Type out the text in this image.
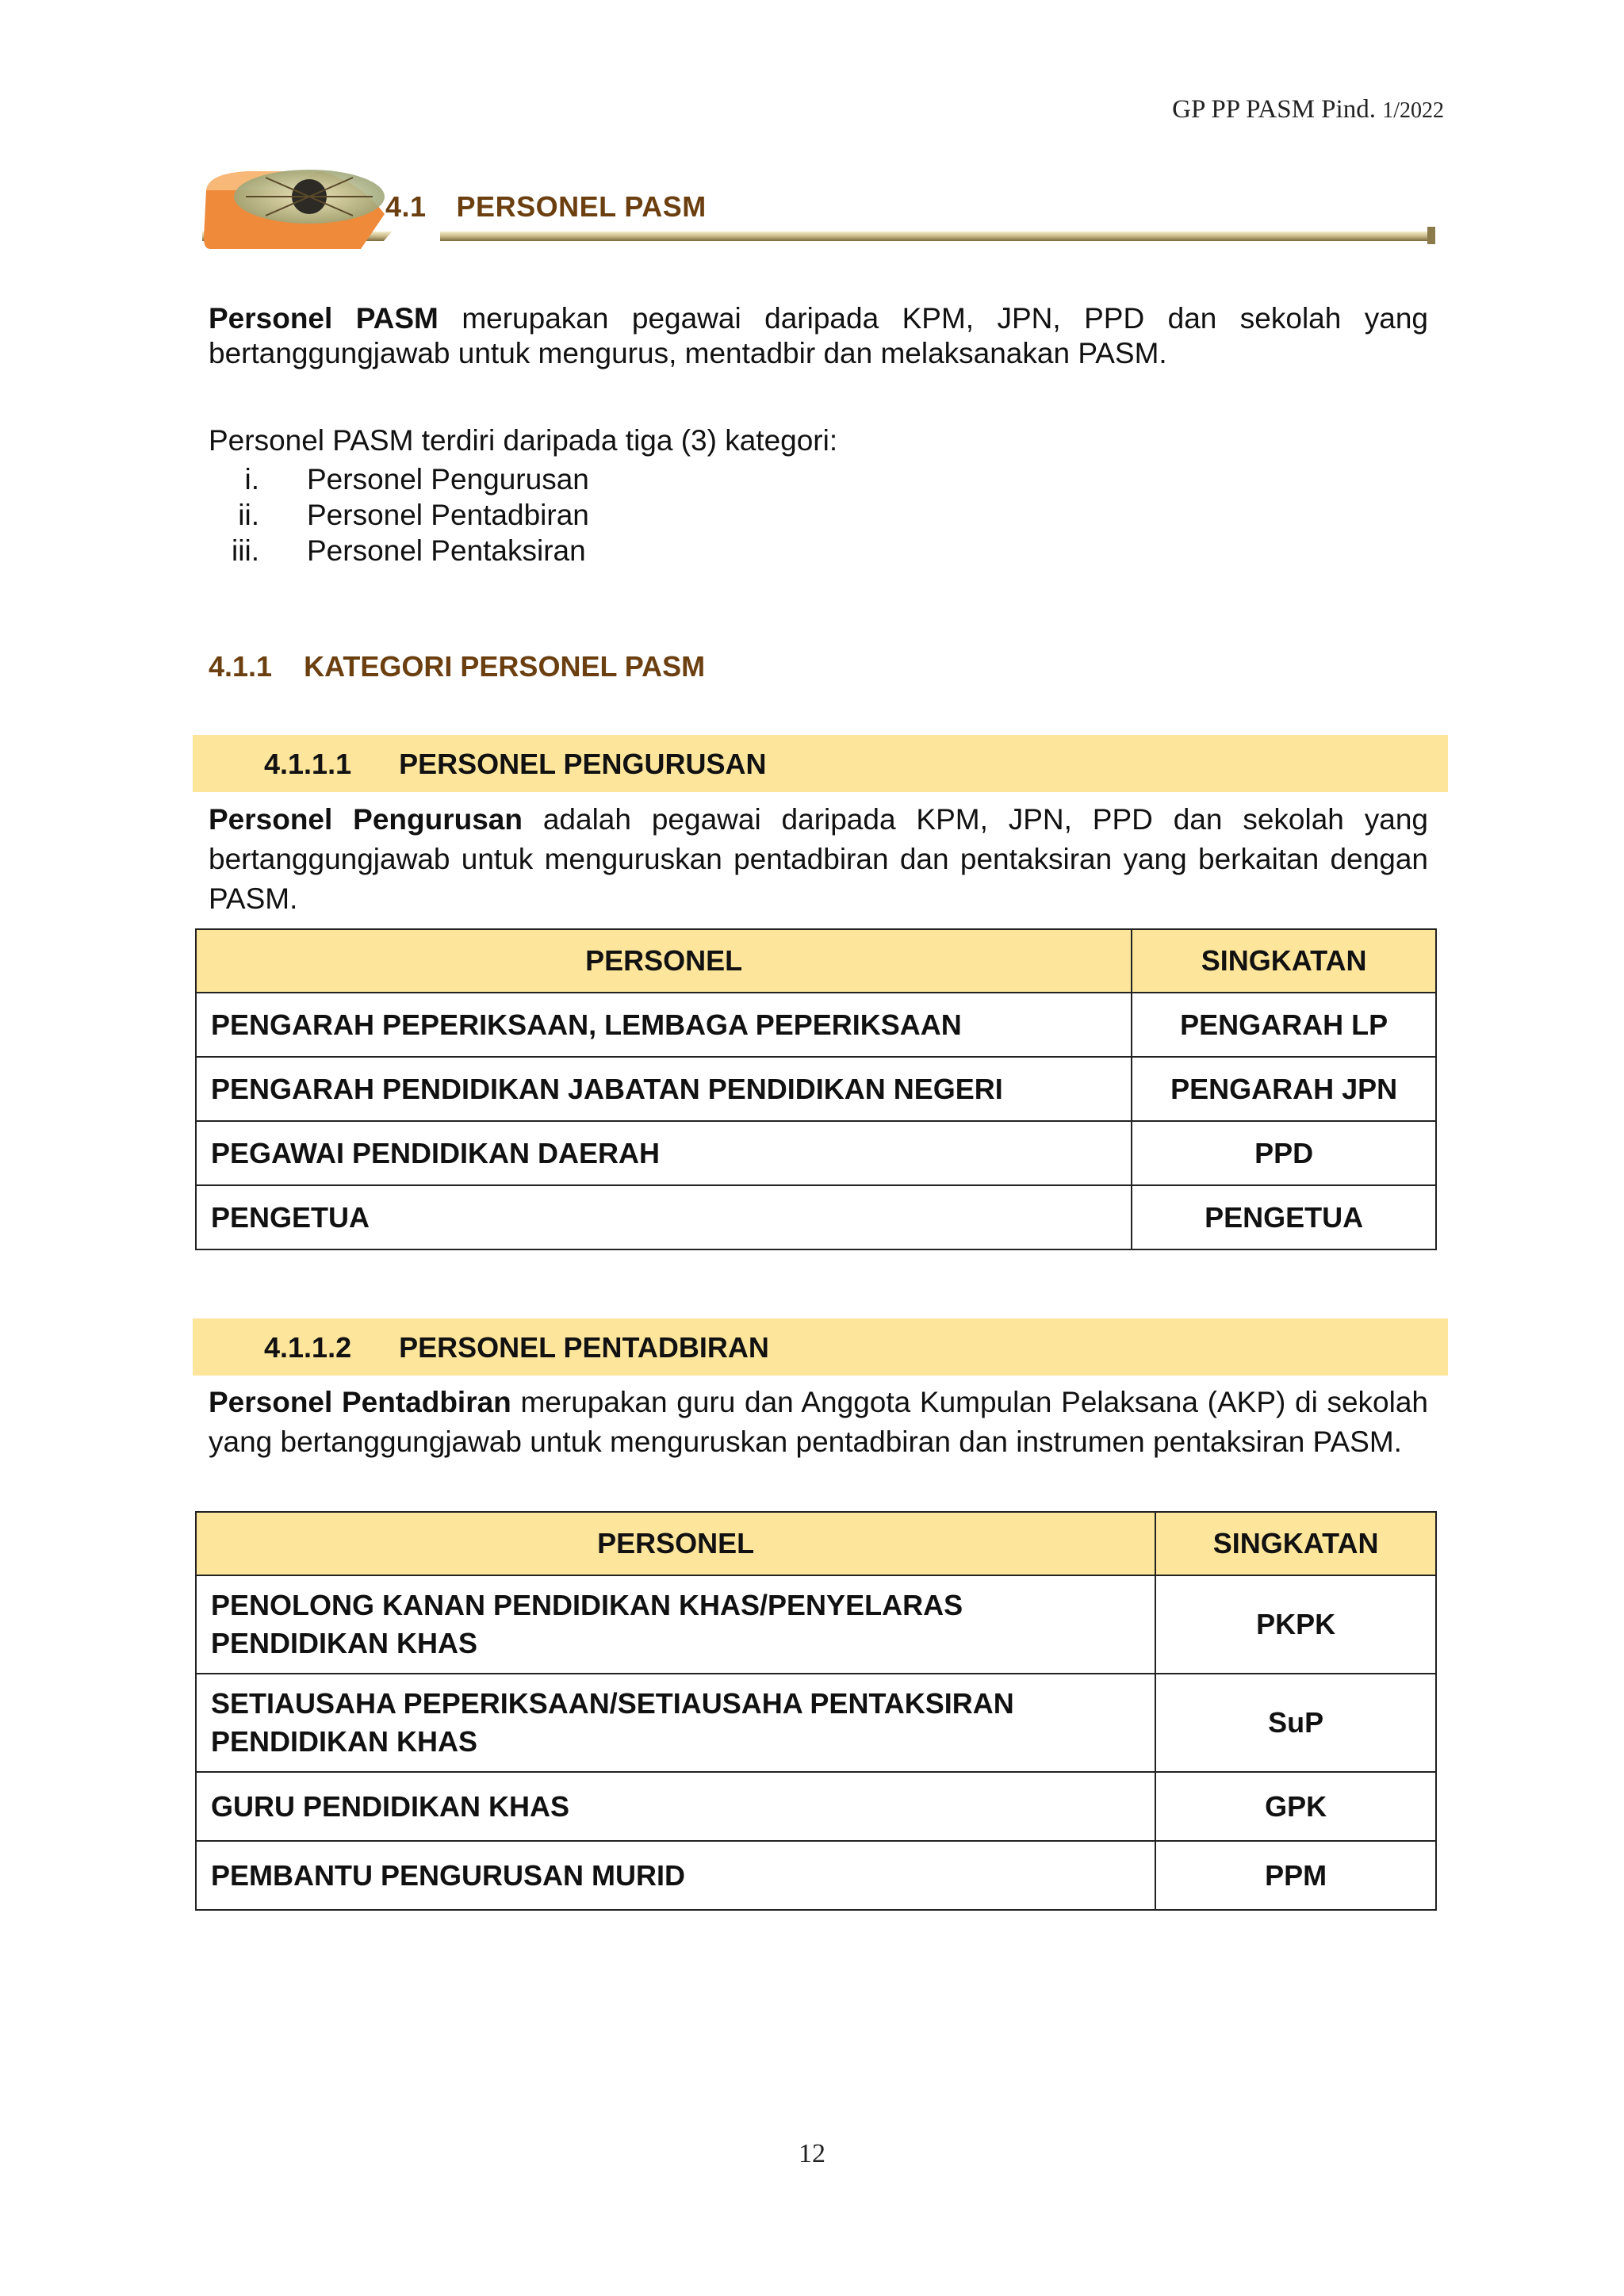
GP PP PASM Pind. 1/2022
4.1 PERSONEL PASM
Personel PASM merupakan pegawai daripada KPM, JPN, PPD dan sekolah yang bertanggungjawab untuk mengurus, mentadbir dan melaksanakan PASM.
Personel PASM terdiri daripada tiga (3) kategori:
i. Personel Pengurusan
ii. Personel Pentadbiran
iii. Personel Pentaksiran
4.1.1 KATEGORI PERSONEL PASM
4.1.1.1 PERSONEL PENGURUSAN
Personel Pengurusan adalah pegawai daripada KPM, JPN, PPD dan sekolah yang bertanggungjawab untuk menguruskan pentadbiran dan pentaksiran yang berkaitan dengan PASM.
PERSONEL	SINGKATAN
PENGARAH PEPERIKSAAN, LEMBAGA PEPERIKSAAN	PENGARAH LP
PENGARAH PENDIDIKAN JABATAN PENDIDIKAN NEGERI	PENGARAH JPN
PEGAWAI PENDIDIKAN DAERAH	PPD
PENGETUA	PENGETUA
4.1.1.2 PERSONEL PENTADBIRAN
Personel Pentadbiran merupakan guru dan Anggota Kumpulan Pelaksana (AKP) di sekolah yang bertanggungjawab untuk menguruskan pentadbiran dan instrumen pentaksiran PASM.
PERSONEL	SINGKATAN
PENOLONG KANAN PENDIDIKAN KHAS/PENYELARAS PENDIDIKAN KHAS	PKPK
SETIAUSAHA PEPERIKSAAN/SETIAUSAHA PENTAKSIRAN PENDIDIKAN KHAS	SuP
GURU PENDIDIKAN KHAS	GPK
PEMBANTU PENGURUSAN MURID	PPM
12
